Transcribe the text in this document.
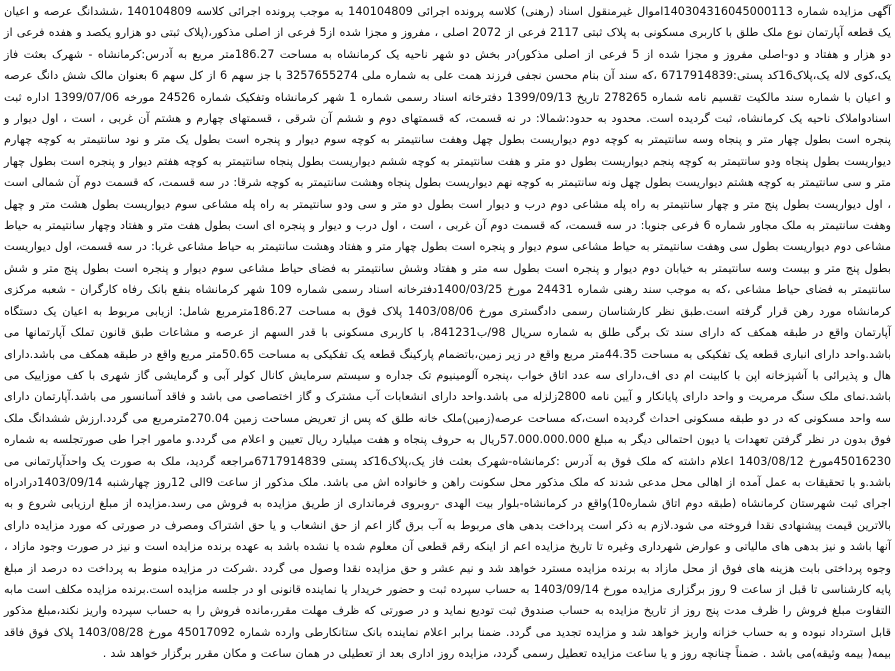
آگهی مزایده شماره 140304316045000113اموال غیرمنقول اسناد (رهنی) کلاسه پرونده اجرائی 140104809 به موجب پرونده اجرائی کلاسه 140104809 ،ششدانگ عرصه و اعیان یک قطعه آپارتمان نوع ملک طلق با کاربری مسکونی به پلاک ثبتی 2117 فرعی از 2072 اصلی ، مفروز و مجزا شده از5 فرعی از اصلی مذکور،(پلاک ثبتی دو هزارو یکصد و هفده فرعی از دو هزار و هفتاد و دو-اصلی مفروز و مجزا شده از 5 فرعی از اصلی مذکور)در بخش دو شهر ناحیه یک کرمانشاه به مساحت 186.27متر مربع به آدرس:کرمانشاه - شهرک بعثت فاز یک،کوی لاله یک،پلاک16کد پستی:6717914839 ،که سند آن بنام محسن نجفی فرزند همت علی به شماره ملی 3257655274 با جز سهم 6 از کل سهم 6 بعنوان مالک شش دانگ عرصه و اعیان با شماره سند مالکیت تقسیم نامه شماره 278265 تاریخ 1399/09/13 دفترخانه اسناد رسمی شماره 1 شهر کرمانشاه وتفکیک شماره 24526 مورخه 1399/07/06 اداره ثبت اسنادواملاک ناحیه یک کرمانشاه، ثبت گردیده است. محدود به حدود:شمالا: در نه قسمت، که قسمتهای دوم و ششم آن شرقی ، قسمتهای چهارم و هشتم آن غربی ، است ، اول دیوار و پنجره است بطول چهار متر و پنجاه وسه سانتیمتر به کوچه دوم دیواریست بطول چهل وهفت سانتیمتر به کوچه سوم دیوار و پنجره است بطول یک متر و نود سانتیمتر به کوچه چهارم دیواریست بطول پنجاه ودو سانتیمتر به کوچه پنجم دیواریست بطول دو متر و هفت سانتیمتر به کوچه ششم دیواریست بطول پنجاه سانتیمتر به کوچه هفتم دیوار و پنجره است بطول چهار متر و سی سانتیمتر به کوچه هشتم دیواریست بطول چهل ونه سانتیمتر به کوچه نهم دیواریست بطول پنجاه وهشت سانتیمتر به کوچه شرقا: در سه قسمت، که قسمت دوم آن شمالی است ، اول دیواریست بطول پنج متر و چهار سانتیمتر به راه پله مشاعی دوم درب و دیوار است بطول دو متر و سی ودو سانتیمتر به راه پله مشاعی سوم دیواریست بطول هشت متر و چهل وهفت سانتیمتر به ملک مجاور شماره 6 فرعی جنوبا: در سه قسمت، که قسمت دوم آن غربی ، است ، اول درب و دیوار و پنجره ای است بطول هفت متر و هفتاد وچهار سانتیمتر به حیاط مشاعی دوم دیواریست بطول سی وهفت سانتیمتر به حیاط مشاعی سوم دیوار و پنجره است بطول چهار متر و هفتاد وهشت سانتیمتر به حیاط مشاعی غربا: در سه قسمت، اول دیواریست بطول پنج متر و بیست وسه سانتیمتر به خیابان دوم دیوار و پنجره است بطول سه متر و هفتاد وشش سانتیمتر به فضای حیاط مشاعی سوم دیوار و پنجره است بطول پنج متر و شش سانتیمتر به فضای حیاط مشاعی ،که به موجب سند رهنی شماره 24431 مورخ 1400/03/25دفترخانه اسناد رسمی شماره 109 شهر کرمانشاه بنفع بانک رفاه کارگران - شعبه مرکزی کرمانشاه مورد رهن قرار گرفته است.طبق نظر کارشناسان رسمی دادگستری مورخ 1403/08/06 پلاک فوق به مساحت 186.27مترمربع شامل: ازیابی مربوط به اعیان یک دستگاه آپارتمان واقع در طبقه همکف که دارای سند تک برگی طلق به شماره سریال 98/ب841231، با کاربری مسکونی با قدر السهم از عرصه و مشاعات طبق قانون تملک آپارتمانها می باشد.واحد دارای انباری قطعه یک تفکیکی به مساحت 44.35متر مربع واقع در زیر زمین،باتضمام پارکینگ قطعه یک تفکیکی به مساحت 50.65متر مربع واقع در طبقه همکف می باشد.دارای هال و پذیرائی با آشپزخانه اپن با کابینت ام دی اف،دارای سه عدد اتاق خواب ،پنجره آلومینیوم تک جداره و سیستم سرمایش کانال کولر آبی و گرمایشی گاز شهری با کف موزاییک می باشد.نمای ملک سنگ مرمریت و واحد دارای پایانکار و آیین نامه 2800زلزله می باشد.واحد دارای انشعابات آب مشترک و گاز اختصاصی می باشد و فاقد آسانسور می باشد.آپارتمان دارای سه واحد مسکونی که در دو طبقه مسکونی احداث گردیده است،که مساحت عرصه(زمین)ملک خانه طلق که پس از تعریض مساحت زمین 270.04مترمربع می گردد.ارزش ششدانگ ملک فوق بدون در نظر گرفتن تعهدات یا دیون احتمالی دیگر به مبلغ 57.000.000.000ریال به حروف پنجاه و هفت میلیارد ریال تعیین و اعلام می گردد.و مامور اجرا طی صورتجلسه به شماره 45016230مورخ 1403/08/12 اعلام داشته که ملک فوق به آدرس :کرمانشاه-شهرک بعثت فاز یک،پلاک16کد پستی 6717914839مراجعه گردید، ملک به صورت یک واحدآپارتمانی می باشد.و با تحقیقات به عمل آمده از اهالی محل مدعی شدند که ملک مذکور محل سکونت راهن و خانواده اش می باشد. ملک مذکور از ساعت 9الی 12روز چهارشنبه 1403/09/14درادراه اجرای ثبت شهرستان کرمانشاه (طبقه دوم اتاق شماره10)واقع در کرمانشاه-بلوار بیت الهدی -روبروی فرمانداری از طریق مزایده به فروش می رسد.مزایده از مبلغ ارزیابی شروع و به بالاترین قیمت پیشنهادی نقدا فروخته می شود.لازم به ذکر است پرداخت بدهی های مربوط به آب برق گاز اعم از حق انشعاب و یا حق اشتراک ومصرف در صورتی که مورد مزایده دارای آنها باشد و نیز بدهی های مالیاتی و عوارض شهرداری وغیره تا تاریخ مزایده اعم از اینکه رقم قطعی آن معلوم شده یا نشده باشد به عهده برنده مزایده است و نیز در صورت وجود مازاد ، وجوه پرداختی بابت هزینه های فوق از محل مازاد به برنده مزایده مسترد خواهد شد و نیم عشر و حق مزایده نقدا وصول می گردد .شرکت در مزایده منوط به پرداخت ده درصد از مبلغ پایه کارشناسی تا قبل از ساعت 9 روز برگزاری مزایده مورخ 1403/09/14 به حساب سپرده ثبت و حضور خریدار یا نماینده قانونی او در جلسه مزایده است.برنده مزایده مکلف است مابه التفاوت مبلغ فروش را ظرف مدت پنج روز از تاریخ مزایده به حساب صندوق ثبت تودیع نماید و در صورتی که ظرف مهلت مقرر،مانده فروش را به حساب سپرده واریز نکند،مبلغ مذکور قابل استرداد نبوده و به حساب خزانه واریز خواهد شد و مزایده تجدید می گردد. ضمنا برابر اعلام نماینده بانک ستانکارطی وارده شماره 45017092 مورخ 1403/08/28 پلاک فوق فاقد بیمه( بیمه وثیقه)می باشد . ضمناً چنانچه روز و یا ساعت مزایده تعطیل رسمی گردد، مزایده روز اداری بعد از تعطیلی در همان ساعت و مکان مقرر برگزار خواهد شد .
